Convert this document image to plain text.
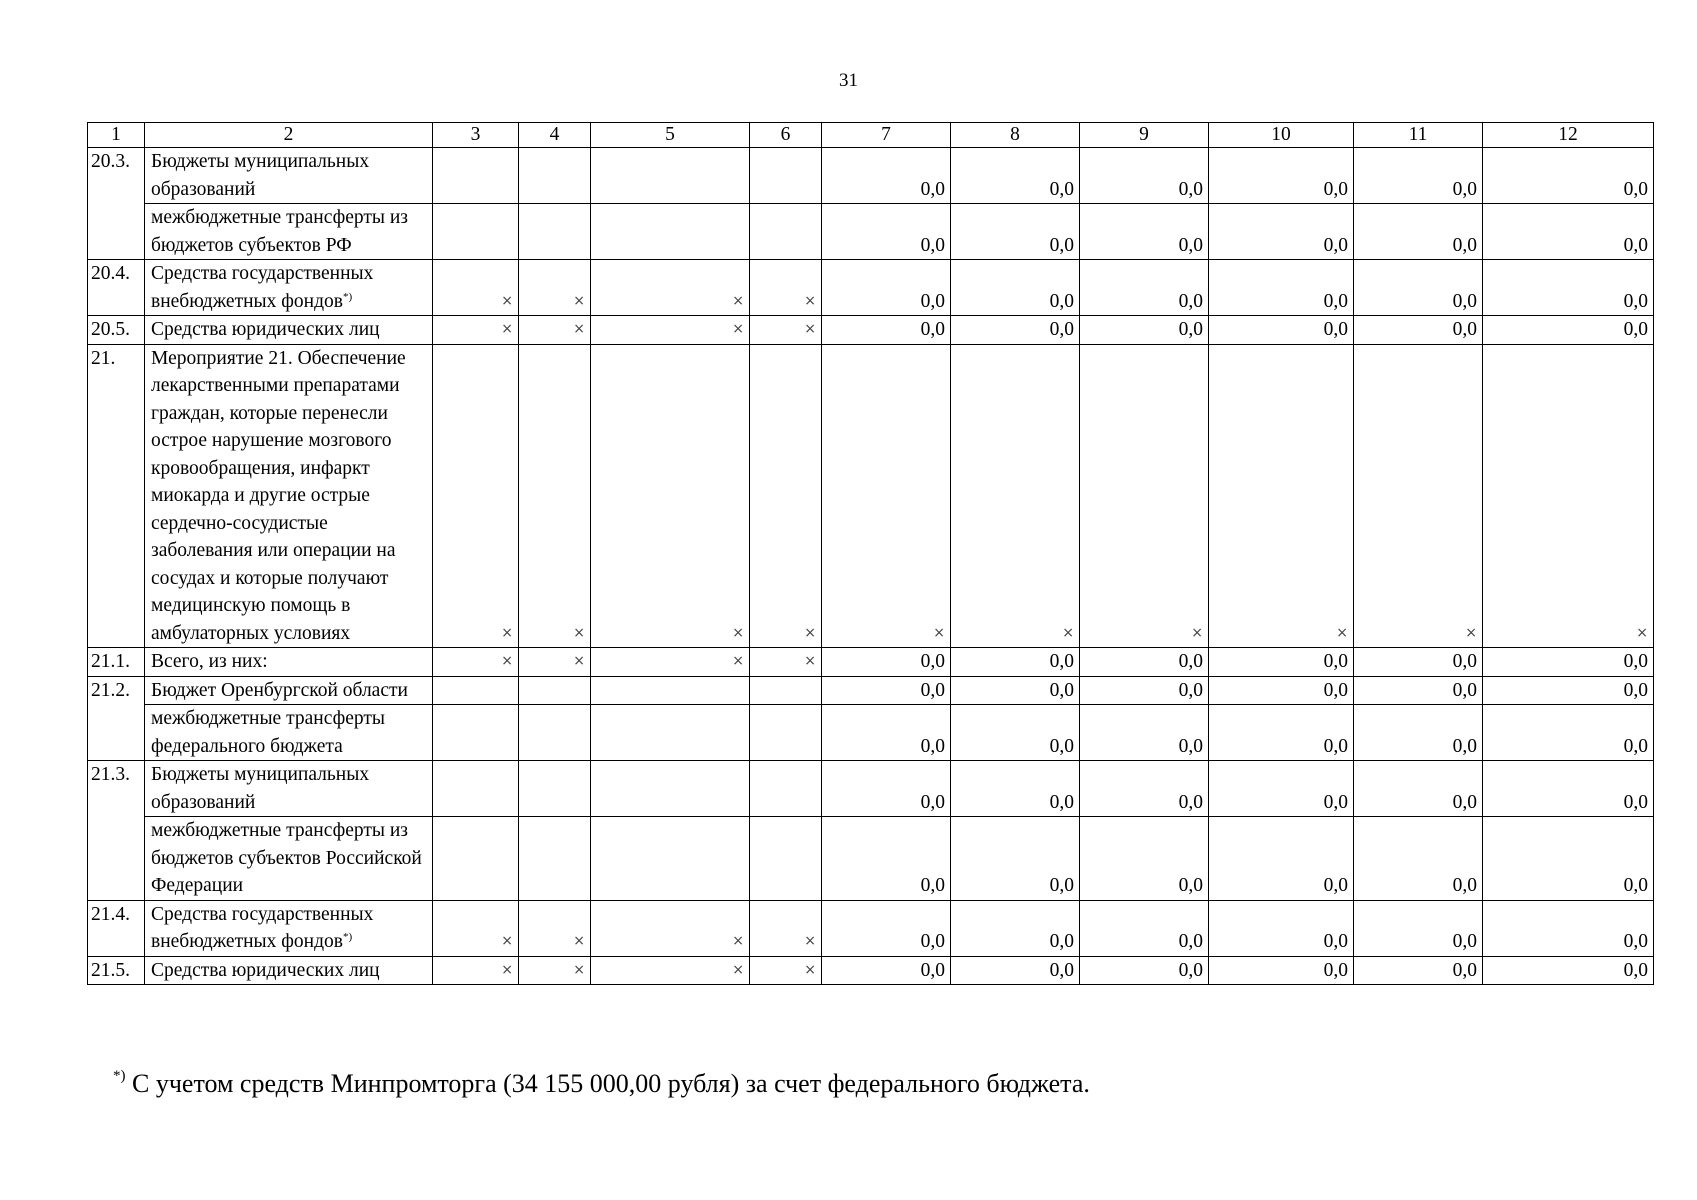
31
1	2	3	4	5	6	7	8	9	10	11	12
20.3.	Бюджеты муниципальных образований					0,0	0,0	0,0	0,0	0,0	0,0
	межбюджетные трансферты из бюджетов субъектов РФ					0,0	0,0	0,0	0,0	0,0	0,0
20.4.	Средства государственных внебюджетных фондов*)	×	×	×	×	0,0	0,0	0,0	0,0	0,0	0,0
20.5.	Средства юридических лиц	×	×	×	×	0,0	0,0	0,0	0,0	0,0	0,0
21.	Мероприятие 21. Обеспечение лекарственными препаратами граждан, которые перенесли острое нарушение мозгового кровообращения, инфаркт миокарда и другие острые сердечно-сосудистые заболевания или операции на сосудах и которые получают медицинскую помощь в амбулаторных условиях	×	×	×	×	×	×	×	×	×	×
21.1.	Всего, из них:	×	×	×	×	0,0	0,0	0,0	0,0	0,0	0,0
21.2.	Бюджет Оренбургской области					0,0	0,0	0,0	0,0	0,0	0,0
	межбюджетные трансферты федерального бюджета					0,0	0,0	0,0	0,0	0,0	0,0
21.3.	Бюджеты муниципальных образований					0,0	0,0	0,0	0,0	0,0	0,0
	межбюджетные трансферты из бюджетов субъектов Российской Федерации					0,0	0,0	0,0	0,0	0,0	0,0
21.4.	Средства государственных внебюджетных фондов*)	×	×	×	×	0,0	0,0	0,0	0,0	0,0	0,0
21.5.	Средства юридических лиц	×	×	×	×	0,0	0,0	0,0	0,0	0,0	0,0
*) С учетом средств Минпромторга (34 155 000,00 рубля) за счет федерального бюджета.
